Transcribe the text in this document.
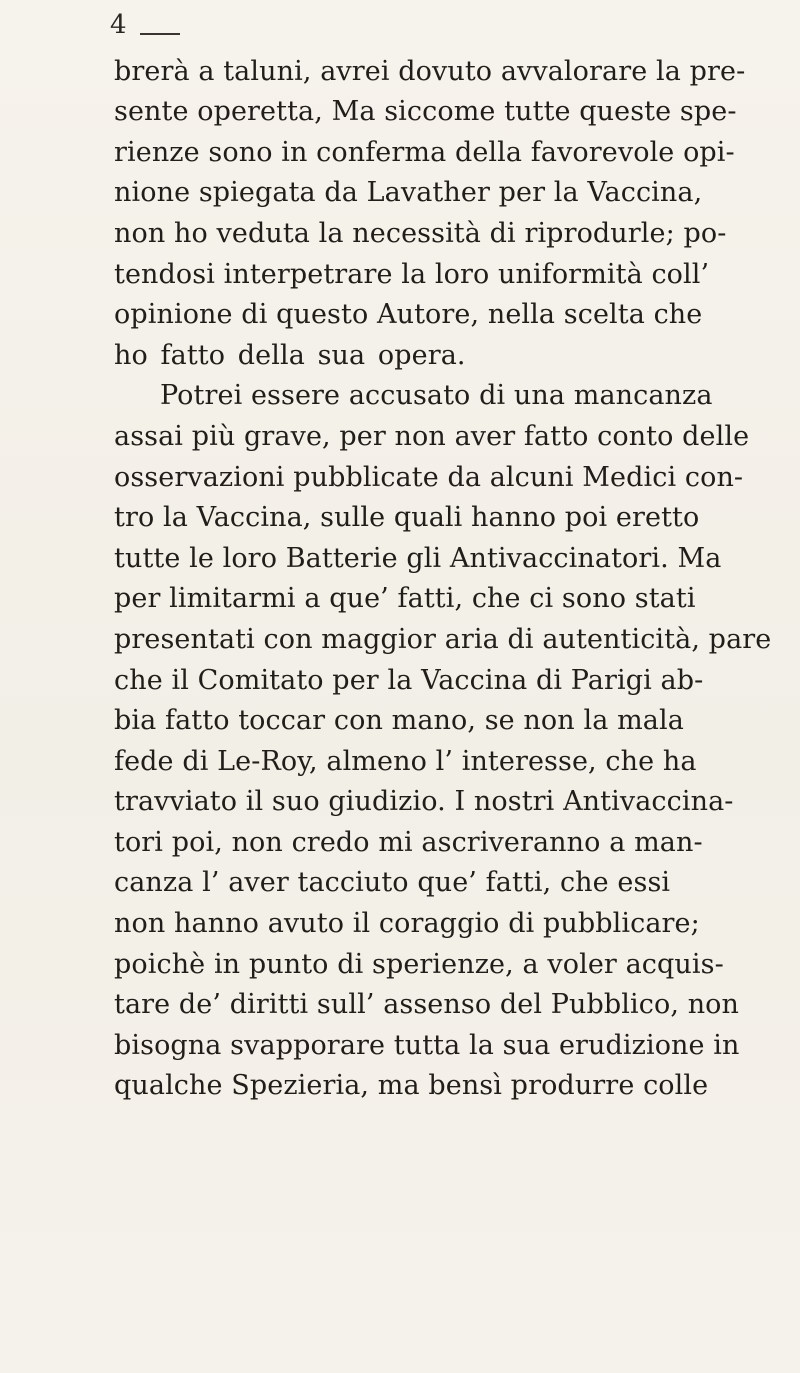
4
brerà a taluni, avrei dovuto avvalorare la pre-
sente operetta, Ma siccome tutte queste spe-
rienze sono in conferma della favorevole opi-
nione spiegata da Lavather per la Vaccina,
non ho veduta la necessità di riprodurle; po-
tendosi interpetrare la loro uniformità coll’
opinione di questo Autore, nella scelta che
ho fatto della sua opera.
Potrei essere accusato di una mancanza
assai più grave, per non aver fatto conto delle
osservazioni pubblicate da alcuni Medici con-
tro la Vaccina, sulle quali hanno poi eretto
tutte le loro Batterie gli Antivaccinatori. Ma
per limitarmi a que’ fatti, che ci sono stati
presentati con maggior aria di autenticità, pare
che il Comitato per la Vaccina di Parigi ab-
bia fatto toccar con mano, se non la mala
fede di Le-Roy, almeno l’ interesse, che ha
travviato il suo giudizio. I nostri Antivaccina-
tori poi, non credo mi ascriveranno a man-
canza l’ aver tacciuto que’ fatti, che essi
non hanno avuto il coraggio di pubblicare;
poichè in punto di sperienze, a voler acquis-
tare de’ diritti sull’ assenso del Pubblico, non
bisogna svapporare tutta la sua erudizione in
qualche Spezieria, ma bensì produrre colle
